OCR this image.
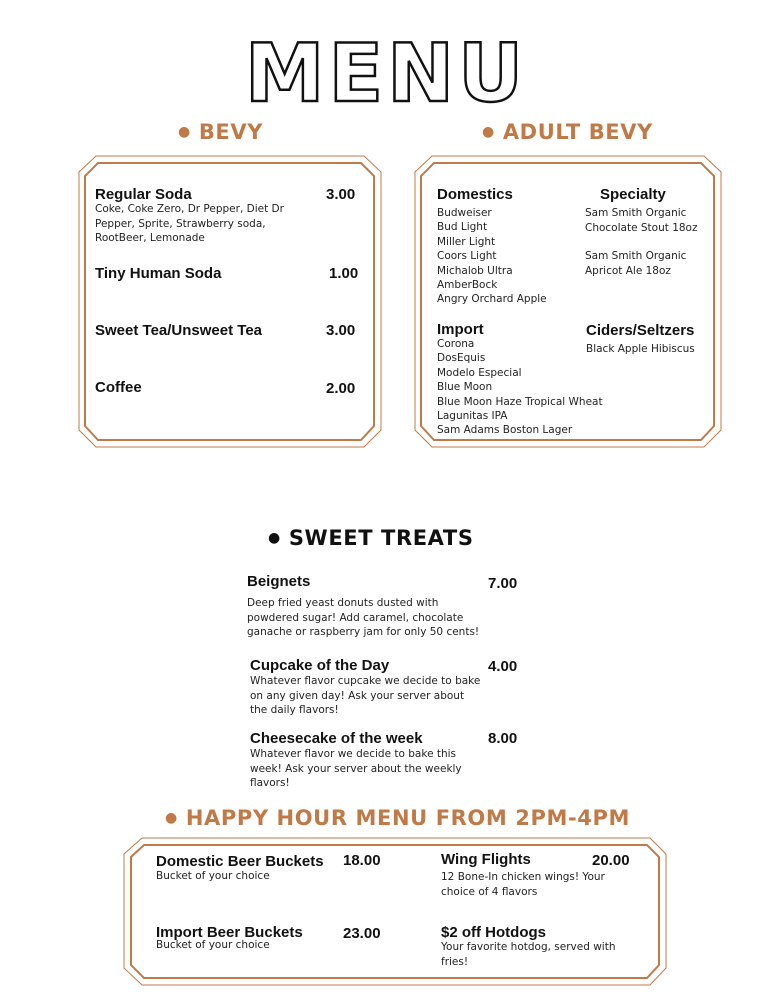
MENU
● BEVY	● ADULT BEVY
Regular Soda	3.00
Coke, Coke Zero, Dr Pepper, Diet Dr Pepper, Sprite, Strawberry soda, RootBeer, Lemonade
Tiny Human Soda	1.00
Sweet Tea/Unsweet Tea	3.00
Coffee	2.00
Domestics
Budweiser
Bud Light
Miller Light
Coors Light
Michalob Ultra
AmberBock
Angry Orchard Apple
Specialty
Sam Smith Organic Chocolate Stout 18oz
Sam Smith Organic Apricot Ale 18oz
Import
Corona
DosEquis
Modelo Especial
Blue Moon
Blue Moon Haze Tropical Wheat
Lagunitas IPA
Sam Adams Boston Lager
Ciders/Seltzers
Black Apple Hibiscus
● SWEET TREATS
Beignets	7.00
Deep fried yeast donuts dusted with powdered sugar! Add caramel, chocolate ganache or raspberry jam for only 50 cents!
Cupcake of the Day	4.00
Whatever flavor cupcake we decide to bake on any given day! Ask your server about the daily flavors!
Cheesecake of the week	8.00
Whatever flavor we decide to bake this week! Ask your server about the weekly flavors!
● HAPPY HOUR MENU FROM 2PM-4PM
Domestic Beer Buckets 18.00
Bucket of your choice
Import Beer Buckets	23.00
Bucket of your choice
Wing Flights	20.00
12 Bone-In chicken wings! Your choice of 4 flavors
$2 off Hotdogs
Your favorite hotdog, served with fries!
